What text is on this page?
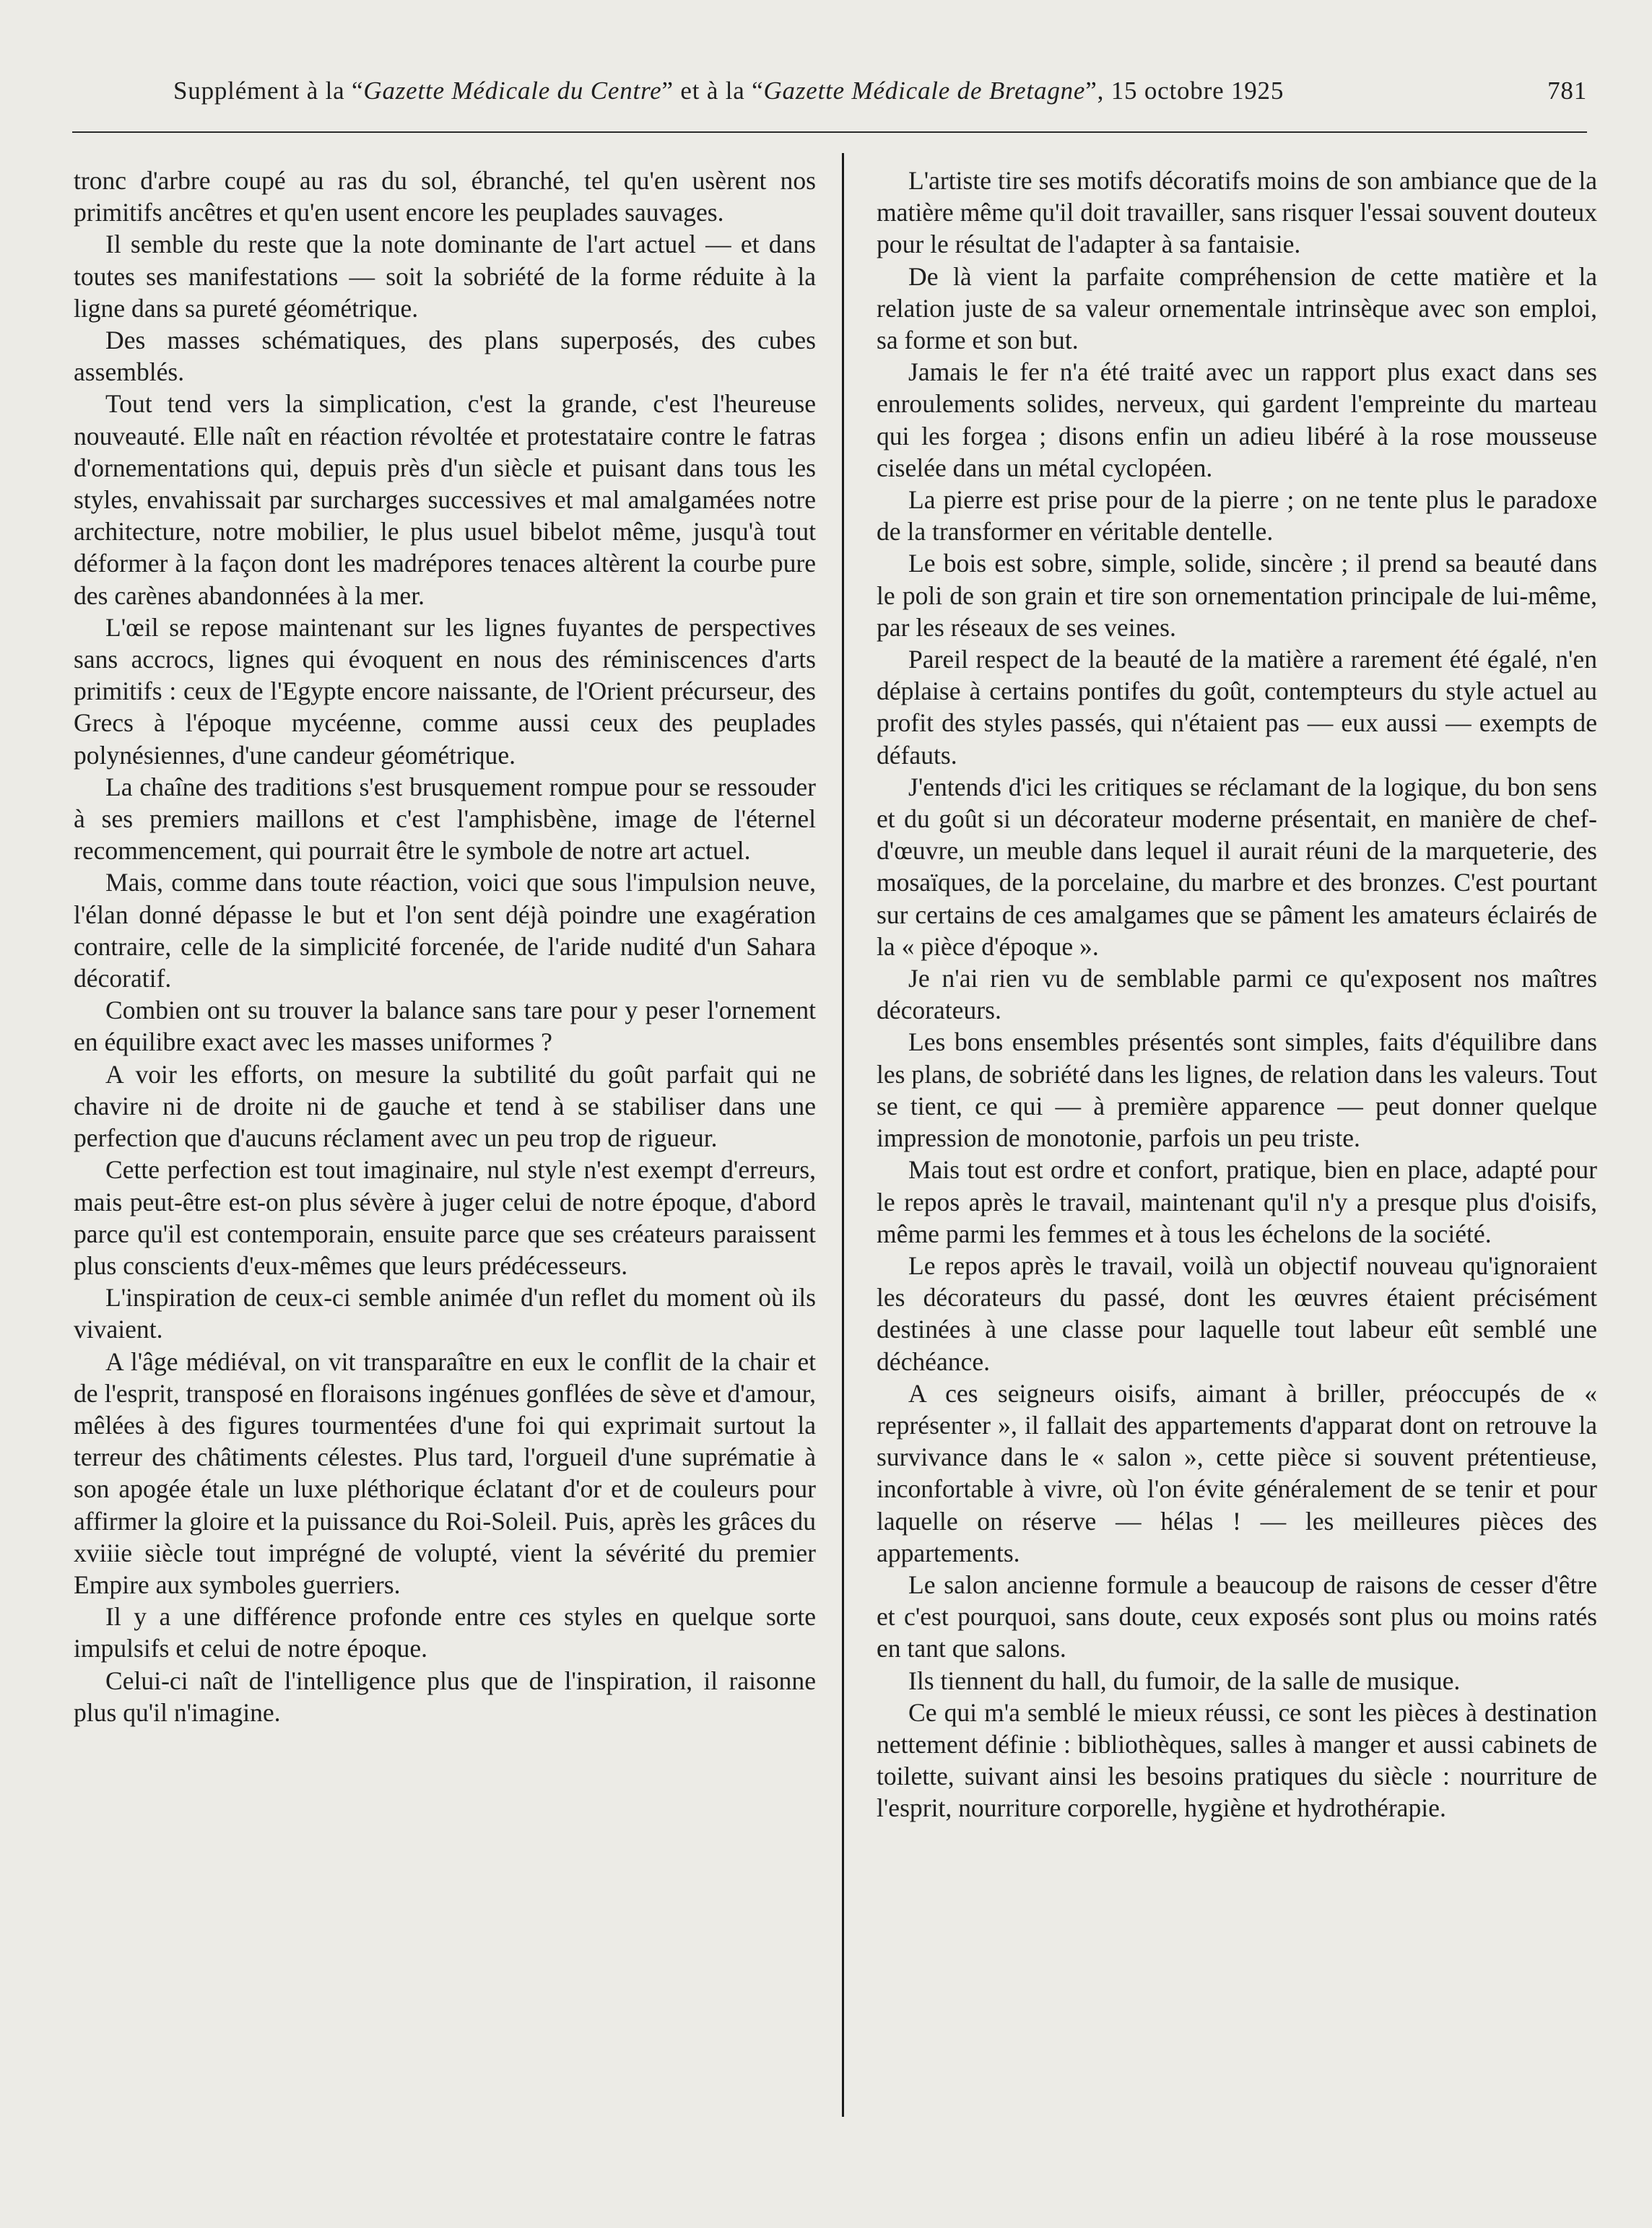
Supplément à la “Gazette Médicale du Centre” et à la “Gazette Médicale de Bretagne”, 15 octobre 1925	781

tronc d'arbre coupé au ras du sol, ébranché, tel qu'en usèrent nos primitifs ancêtres et qu'en usent encore les peuplades sauvages.

Il semble du reste que la note dominante de l'art actuel — et dans toutes ses manifestations — soit la sobriété de la forme réduite à la ligne dans sa pureté géométrique.

Des masses schématiques, des plans superposés, des cubes assemblés.

Tout tend vers la simplication, c'est la grande, c'est l'heureuse nouveauté. Elle naît en réaction révoltée et protestataire contre le fatras d'ornementations qui, depuis près d'un siècle et puisant dans tous les styles, envahissait par surcharges successives et mal amalgamées notre architecture, notre mobilier, le plus usuel bibelot même, jusqu'à tout déformer à la façon dont les madrépores tenaces altèrent la courbe pure des carènes abandonnées à la mer.

L'œil se repose maintenant sur les lignes fuyantes de perspectives sans accrocs, lignes qui évoquent en nous des réminiscences d'arts primitifs : ceux de l'Egypte encore naissante, de l'Orient précurseur, des Grecs à l'époque mycéenne, comme aussi ceux des peuplades polynésiennes, d'une candeur géométrique.

La chaîne des traditions s'est brusquement rompue pour se ressouder à ses premiers maillons et c'est l'amphisbène, image de l'éternel recommencement, qui pourrait être le symbole de notre art actuel.

Mais, comme dans toute réaction, voici que sous l'impulsion neuve, l'élan donné dépasse le but et l'on sent déjà poindre une exagération contraire, celle de la simplicité forcenée, de l'aride nudité d'un Sahara décoratif.

Combien ont su trouver la balance sans tare pour y peser l'ornement en équilibre exact avec les masses uniformes ?

A voir les efforts, on mesure la subtilité du goût parfait qui ne chavire ni de droite ni de gauche et tend à se stabiliser dans une perfection que d'aucuns réclament avec un peu trop de rigueur.

Cette perfection est tout imaginaire, nul style n'est exempt d'erreurs, mais peut-être est-on plus sévère à juger celui de notre époque, d'abord parce qu'il est contemporain, ensuite parce que ses créateurs paraissent plus conscients d'eux-mêmes que leurs prédécesseurs.

L'inspiration de ceux-ci semble animée d'un reflet du moment où ils vivaient.

A l'âge médiéval, on vit transparaître en eux le conflit de la chair et de l'esprit, transposé en floraisons ingénues gonflées de sève et d'amour, mêlées à des figures tourmentées d'une foi qui exprimait surtout la terreur des châtiments célestes. Plus tard, l'orgueil d'une suprématie à son apogée étale un luxe pléthorique éclatant d'or et de couleurs pour affirmer la gloire et la puissance du Roi-Soleil. Puis, après les grâces du xviiie siècle tout imprégné de volupté, vient la sévérité du premier Empire aux symboles guerriers.

Il y a une différence profonde entre ces styles en quelque sorte impulsifs et celui de notre époque.

Celui-ci naît de l'intelligence plus que de l'inspiration, il raisonne plus qu'il n'imagine.

L'artiste tire ses motifs décoratifs moins de son ambiance que de la matière même qu'il doit travailler, sans risquer l'essai souvent douteux pour le résultat de l'adapter à sa fantaisie.

De là vient la parfaite compréhension de cette matière et la relation juste de sa valeur ornementale intrinsèque avec son emploi, sa forme et son but.

Jamais le fer n'a été traité avec un rapport plus exact dans ses enroulements solides, nerveux, qui gardent l'empreinte du marteau qui les forgea ; disons enfin un adieu libéré à la rose mousseuse ciselée dans un métal cyclopéen.

La pierre est prise pour de la pierre ; on ne tente plus le paradoxe de la transformer en véritable dentelle.

Le bois est sobre, simple, solide, sincère ; il prend sa beauté dans le poli de son grain et tire son ornementation principale de lui-même, par les réseaux de ses veines.

Pareil respect de la beauté de la matière a rarement été égalé, n'en déplaise à certains pontifes du goût, contempteurs du style actuel au profit des styles passés, qui n'étaient pas — eux aussi — exempts de défauts.

J'entends d'ici les critiques se réclamant de la logique, du bon sens et du goût si un décorateur moderne présentait, en manière de chef-d'œuvre, un meuble dans lequel il aurait réuni de la marqueterie, des mosaïques, de la porcelaine, du marbre et des bronzes. C'est pourtant sur certains de ces amalgames que se pâment les amateurs éclairés de la « pièce d'époque ».

Je n'ai rien vu de semblable parmi ce qu'exposent nos maîtres décorateurs.

Les bons ensembles présentés sont simples, faits d'équilibre dans les plans, de sobriété dans les lignes, de relation dans les valeurs. Tout se tient, ce qui — à première apparence — peut donner quelque impression de monotonie, parfois un peu triste.

Mais tout est ordre et confort, pratique, bien en place, adapté pour le repos après le travail, maintenant qu'il n'y a presque plus d'oisifs, même parmi les femmes et à tous les échelons de la société.

Le repos après le travail, voilà un objectif nouveau qu'ignoraient les décorateurs du passé, dont les œuvres étaient précisément destinées à une classe pour laquelle tout labeur eût semblé une déchéance.

A ces seigneurs oisifs, aimant à briller, préoccupés de « représenter », il fallait des appartements d'apparat dont on retrouve la survivance dans le « salon », cette pièce si souvent prétentieuse, inconfortable à vivre, où l'on évite généralement de se tenir et pour laquelle on réserve — hélas ! — les meilleures pièces des appartements.

Le salon ancienne formule a beaucoup de raisons de cesser d'être et c'est pourquoi, sans doute, ceux exposés sont plus ou moins ratés en tant que salons.

Ils tiennent du hall, du fumoir, de la salle de musique.

Ce qui m'a semblé le mieux réussi, ce sont les pièces à destination nettement définie : bibliothèques, salles à manger et aussi cabinets de toilette, suivant ainsi les besoins pratiques du siècle : nourriture de l'esprit, nourriture corporelle, hygiène et hydrothérapie.
